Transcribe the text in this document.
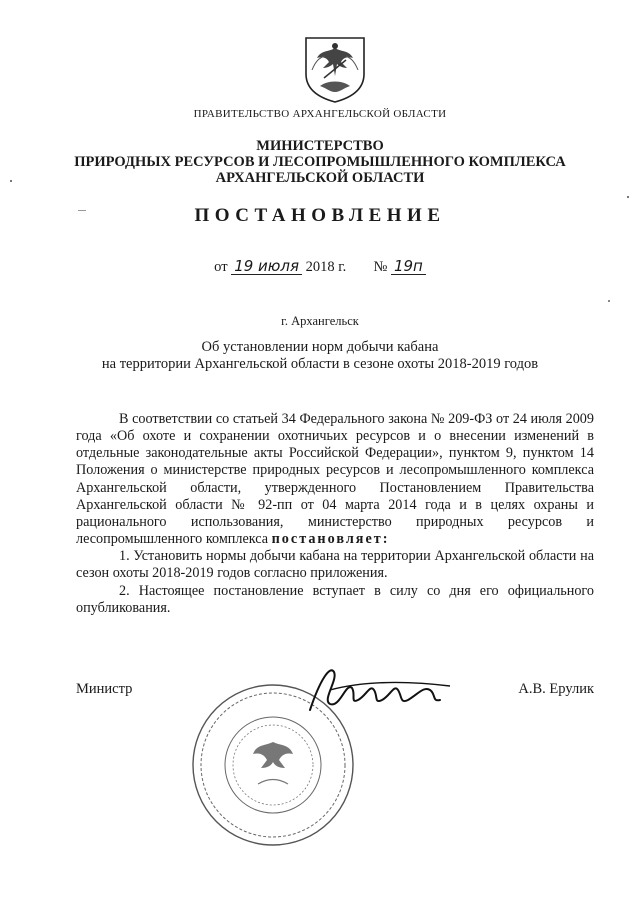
ПРАВИТЕЛЬСТВО АРХАНГЕЛЬСКОЙ ОБЛАСТИ
МИНИСТЕРСТВО
ПРИРОДНЫХ РЕСУРСОВ И ЛЕСОПРОМЫШЛЕННОГО КОМПЛЕКСА
АРХАНГЕЛЬСКОЙ ОБЛАСТИ
ПОСТАНОВЛЕНИЕ
от 19 июля 2018 г. № 19п
г. Архангельск
Об установлении норм добычи кабана
на территории Архангельской области в сезоне охоты 2018-2019 годов

В соответствии со статьей 34 Федерального закона № 209-ФЗ от 24 июля 2009 года «Об охоте и сохранении охотничьих ресурсов и о внесении изменений в отдельные законодательные акты Российской Федерации», пунктом 9, пунктом 14 Положения о министерстве природных ресурсов и лесопромышленного комплекса Архангельской области, утвержденного Постановлением Правительства Архангельской области № 92-пп от 04 марта 2014 года и в целях охраны и рационального использования, министерство природных ресурсов и лесопромышленного комплекса постановляет:

1. Установить нормы добычи кабана на территории Архангельской области на сезон охоты 2018-2019 годов согласно приложения.

2. Настоящее постановление вступает в силу со дня его официального опубликования.

Министр	А.В. Ерулик
